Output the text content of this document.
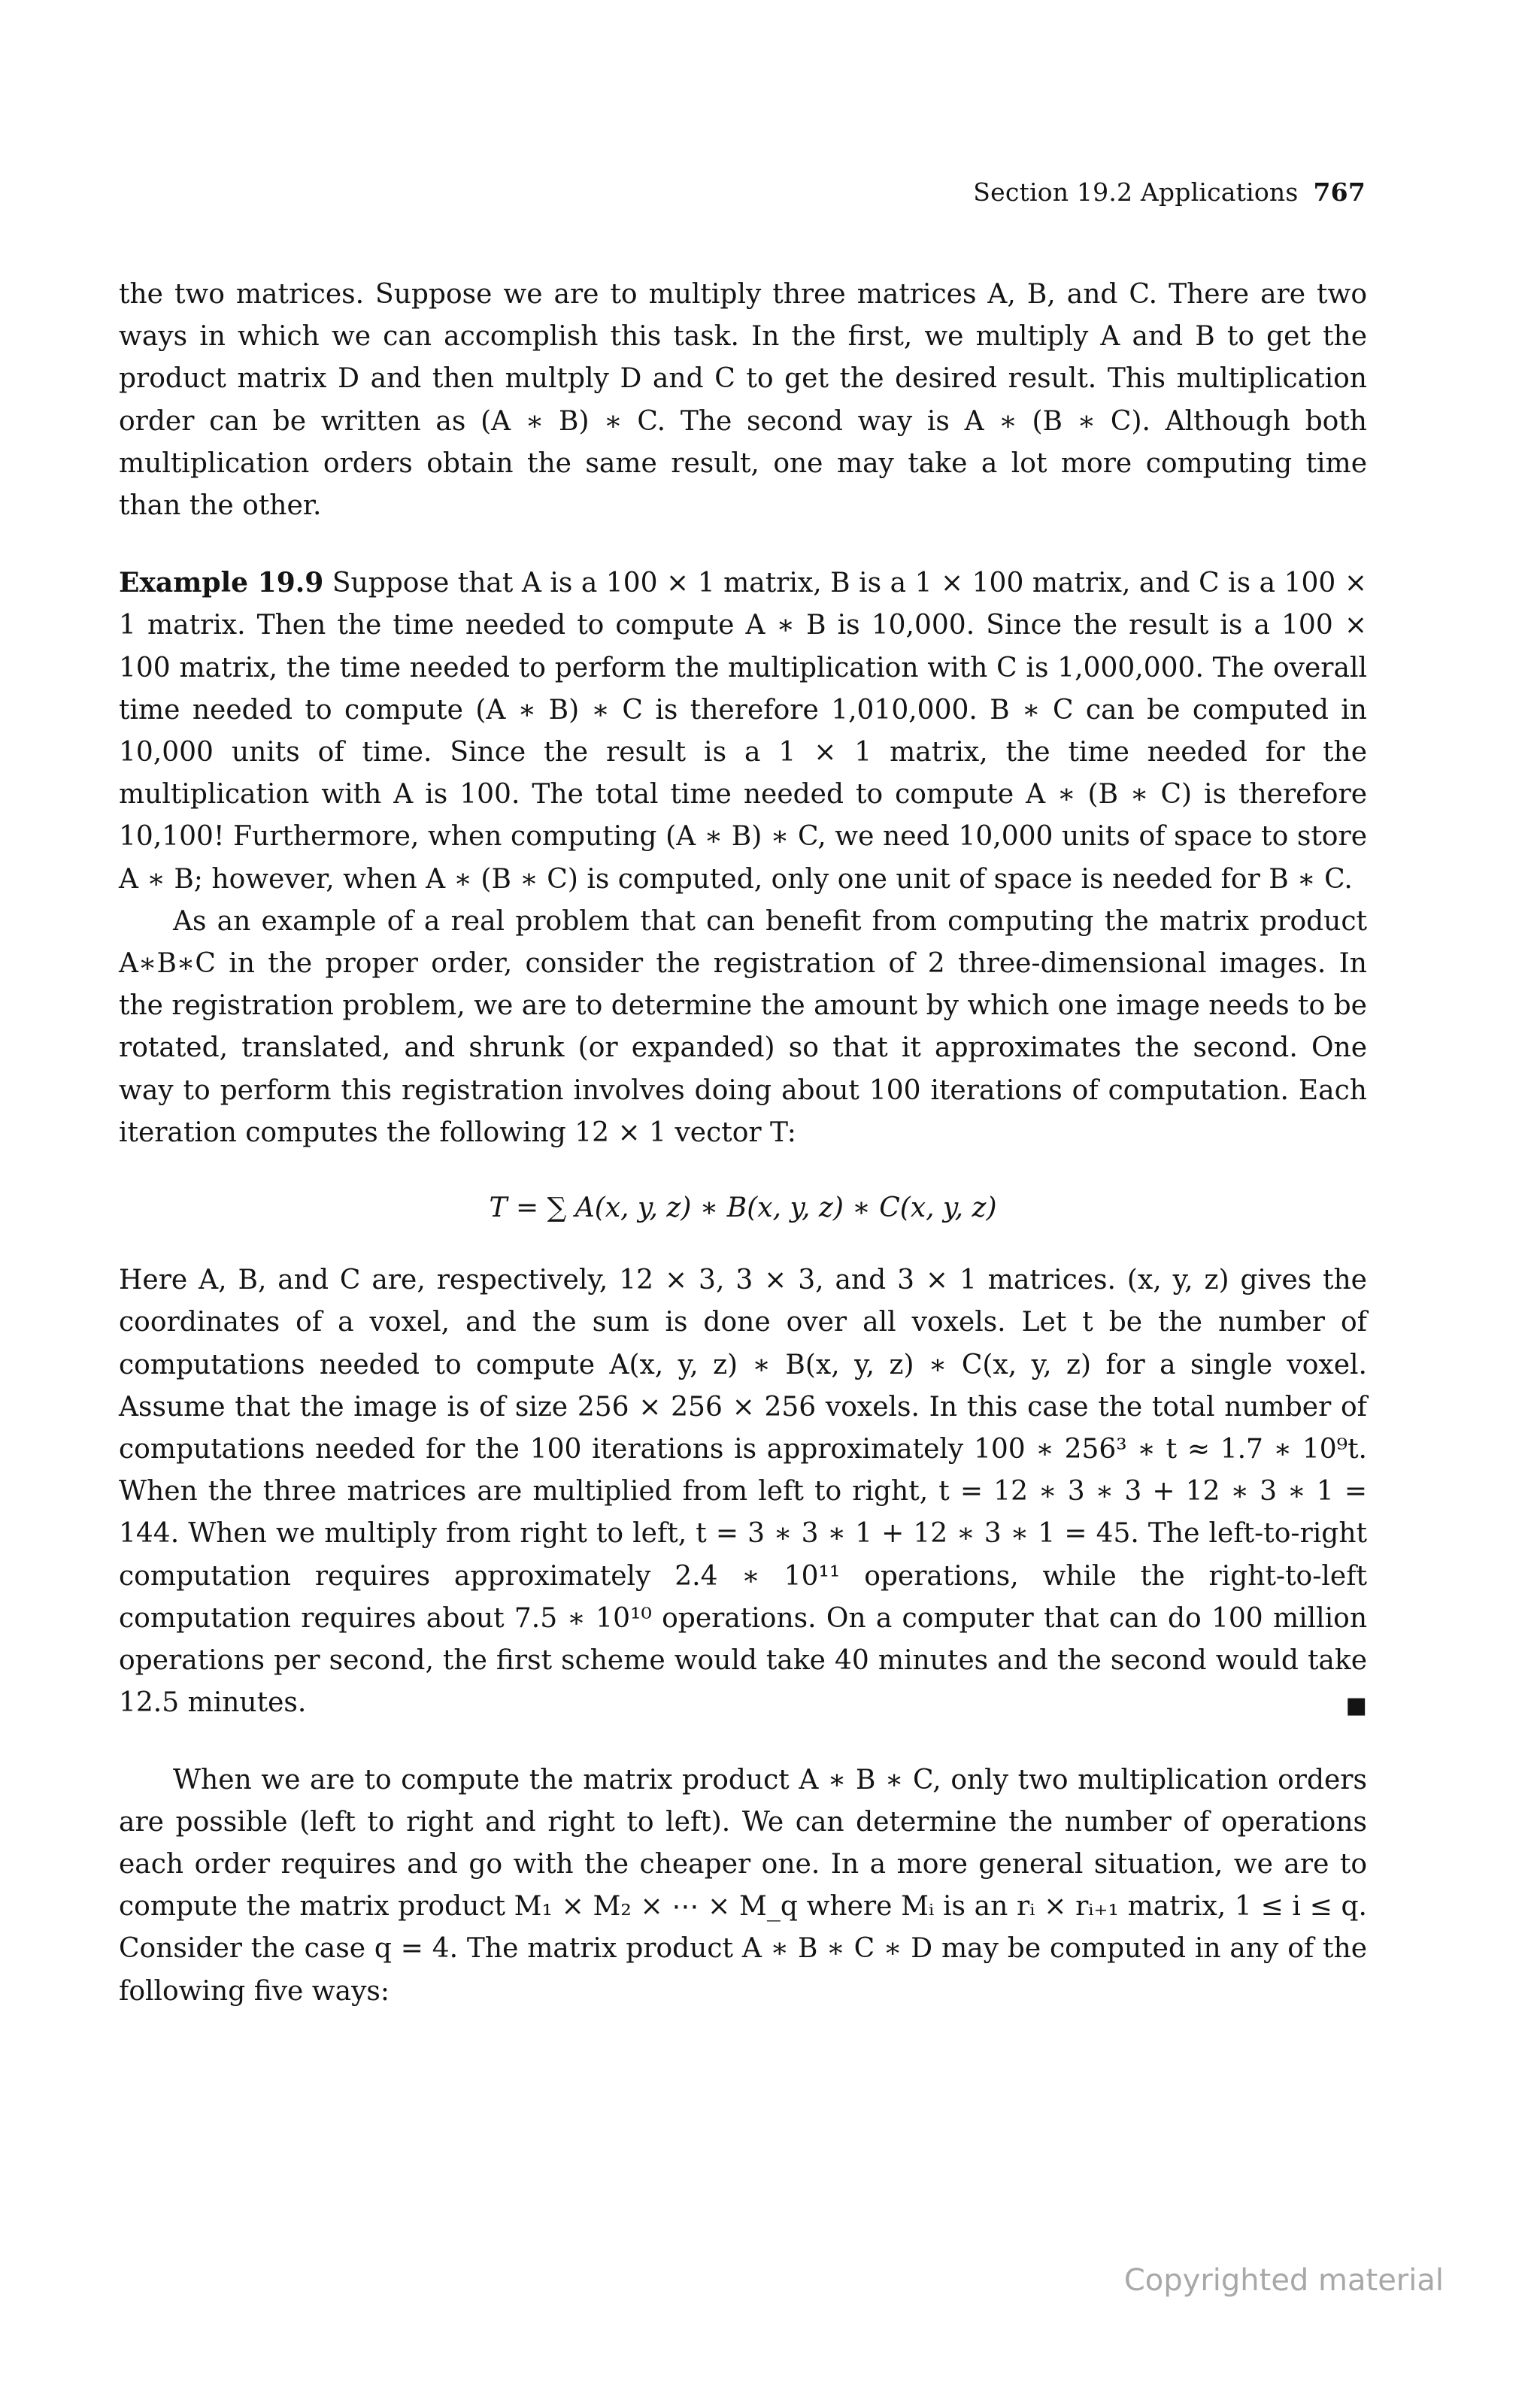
Section 19.2 Applications 767

the two matrices. Suppose we are to multiply three matrices A, B, and C. There are two ways in which we can accomplish this task. In the first, we multiply A and B to get the product matrix D and then multply D and C to get the desired result. This multiplication order can be written as (A ∗ B) ∗ C. The second way is A ∗ (B ∗ C). Although both multiplication orders obtain the same result, one may take a lot more computing time than the other.

Example 19.9 Suppose that A is a 100 × 1 matrix, B is a 1 × 100 matrix, and C is a 100 × 1 matrix. Then the time needed to compute A ∗ B is 10,000. Since the result is a 100 × 100 matrix, the time needed to perform the multiplication with C is 1,000,000. The overall time needed to compute (A ∗ B) ∗ C is therefore 1,010,000. B ∗ C can be computed in 10,000 units of time. Since the result is a 1 × 1 matrix, the time needed for the multiplication with A is 100. The total time needed to compute A ∗ (B ∗ C) is therefore 10,100! Furthermore, when computing (A ∗ B) ∗ C, we need 10,000 units of space to store A ∗ B; however, when A ∗ (B ∗ C) is computed, only one unit of space is needed for B ∗ C.

As an example of a real problem that can benefit from computing the matrix product A∗B∗C in the proper order, consider the registration of 2 three-dimensional images. In the registration problem, we are to determine the amount by which one image needs to be rotated, translated, and shrunk (or expanded) so that it approximates the second. One way to perform this registration involves doing about 100 iterations of computation. Each iteration computes the following 12 × 1 vector T:

T = ∑ A(x, y, z) ∗ B(x, y, z) ∗ C(x, y, z)

Here A, B, and C are, respectively, 12 × 3, 3 × 3, and 3 × 1 matrices. (x, y, z) gives the coordinates of a voxel, and the sum is done over all voxels. Let t be the number of computations needed to compute A(x, y, z) ∗ B(x, y, z) ∗ C(x, y, z) for a single voxel. Assume that the image is of size 256 × 256 × 256 voxels. In this case the total number of computations needed for the 100 iterations is approximately 100 ∗ 256³ ∗ t ≈ 1.7 ∗ 10⁹t. When the three matrices are multiplied from left to right, t = 12 ∗ 3 ∗ 3 + 12 ∗ 3 ∗ 1 = 144. When we multiply from right to left, t = 3 ∗ 3 ∗ 1 + 12 ∗ 3 ∗ 1 = 45. The left-to-right computation requires approximately 2.4 ∗ 10¹¹ operations, while the right-to-left computation requires about 7.5 ∗ 10¹⁰ operations. On a computer that can do 100 million operations per second, the first scheme would take 40 minutes and the second would take 12.5 minutes.	■

When we are to compute the matrix product A ∗ B ∗ C, only two multiplication orders are possible (left to right and right to left). We can determine the number of operations each order requires and go with the cheaper one. In a more general situation, we are to compute the matrix product M₁ × M₂ × ⋯ × M_q where Mᵢ is an rᵢ × rᵢ₊₁ matrix, 1 ≤ i ≤ q. Consider the case q = 4. The matrix product A ∗ B ∗ C ∗ D may be computed in any of the following five ways:

Copyrighted material
